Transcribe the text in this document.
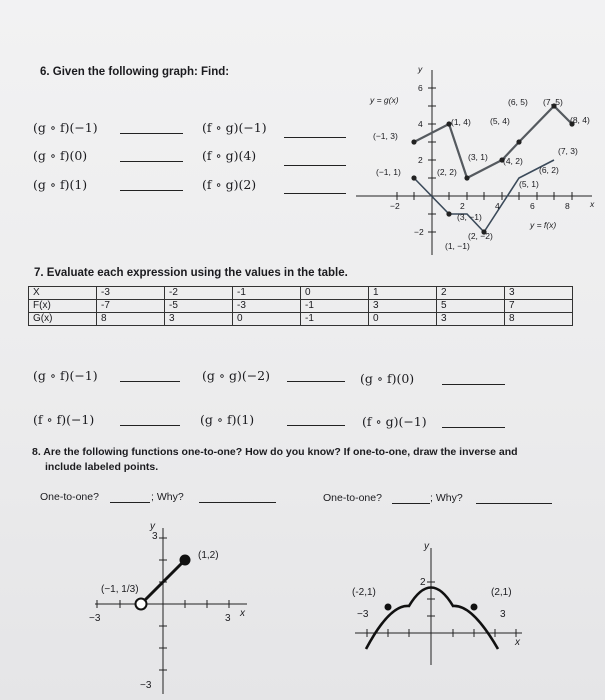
6. Given the following graph: Find:
(g ∘ f)(−1)
(g ∘ f)(0)
(g ∘ f)(1)
(f ∘ g)(−1)
(f ∘ g)(4)
(f ∘ g)(2)
y
x
y = g(x)
y = f(x)
6
4
2
−2	2	4	6	8
−2
(6, 5) (7, 5)
(8, 4)
(1, 4) (5, 4)
(−1, 3)
(3, 1) (4, 2)
(7, 3)
(−1, 1)	(2, 2)	(6, 2)
(5, 1)
(3, −1)
(2, −2)
(1, −1)
7. Evaluate each expression using the values in the table.
X	-3	-2	-1	0	1	2	3
F(x)	-7	-5	-3	-1	3	5	7
G(x)	8	3	0	-1	0	3	8
(g ∘ f)(−1)	(g ∘ g)(−2)	(g ∘ f)(0)
(f ∘ f)(−1)	(g ∘ f)(1)	(f ∘ g)(−1)
8. Are the following functions one-to-one? How do you know? If one-to-one, draw the inverse and
include labeled points.
One-to-one?	; Why?	One-to-one?	; Why?
y
x
3
−3	3
−3
(−1, 1/3)
(1,2)
y
x
2
−3	3
(-2,1)	(2,1)
